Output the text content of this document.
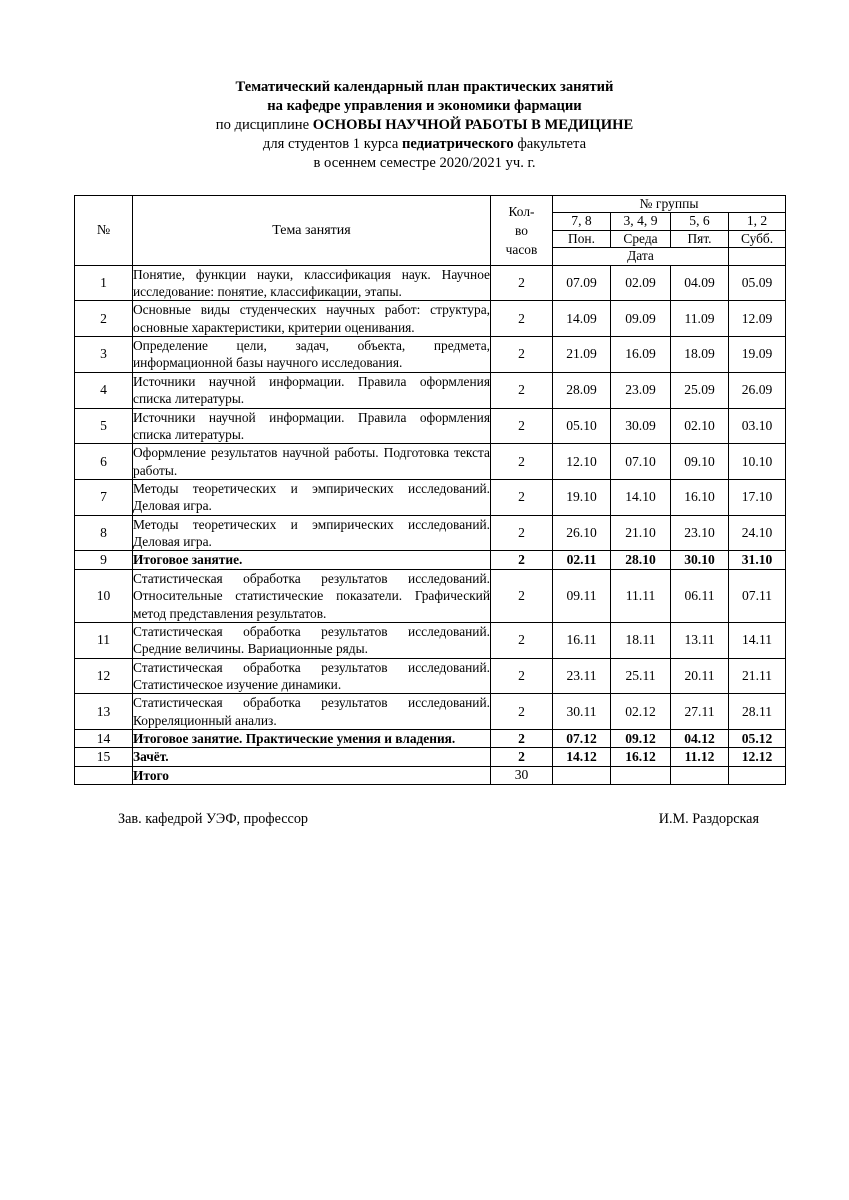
Тематический календарный план практических занятий
на кафедре управления и экономики фармации
по дисциплине ОСНОВЫ НАУЧНОЙ РАБОТЫ В МЕДИЦИНЕ
для студентов 1 курса педиатрического факультета
в осеннем семестре 2020/2021 уч. г.
№	Тема занятия	Кол-
во
часов	№ группы			
			7, 8	3, 4, 9	5, 6	1, 2
			Пон.	Среда	Пят.	Субб.
			Дата			
1	Понятие, функции науки, классификация наук. Научное исследование: понятие, классификации, этапы.	2	07.09	02.09	04.09	05.09
2	Основные виды студенческих научных работ: структура, основные характеристики, критерии оценивания.	2	14.09	09.09	11.09	12.09
3	Определение цели, задач, объекта, предмета, информационной базы научного исследования.	2	21.09	16.09	18.09	19.09
4	Источники научной информации. Правила оформления списка литературы.	2	28.09	23.09	25.09	26.09
5	Источники научной информации. Правила оформления списка литературы.	2	05.10	30.09	02.10	03.10
6	Оформление результатов научной работы. Подготовка текста работы.	2	12.10	07.10	09.10	10.10
7	Методы теоретических и эмпирических исследований. Деловая игра.	2	19.10	14.10	16.10	17.10
8	Методы теоретических и эмпирических исследований. Деловая игра.	2	26.10	21.10	23.10	24.10
9	Итоговое занятие.	2	02.11	28.10	30.10	31.10
10	Статистическая обработка результатов исследований. Относительные статистические показатели. Графический метод представления результатов.	2	09.11	11.11	06.11	07.11
11	Статистическая обработка результатов исследований. Средние величины. Вариационные ряды.	2	16.11	18.11	13.11	14.11
12	Статистическая обработка результатов исследований. Статистическое изучение динамики.	2	23.11	25.11	20.11	21.11
13	Статистическая обработка результатов исследований. Корреляционный анализ.	2	30.11	02.12	27.11	28.11
14	Итоговое занятие. Практические умения и владения.	2	07.12	09.12	04.12	05.12
15	Зачёт.	2	14.12	16.12	11.12	12.12
	Итого	30				
Зав. кафедрой УЭФ, профессор	И.М. Раздорская
